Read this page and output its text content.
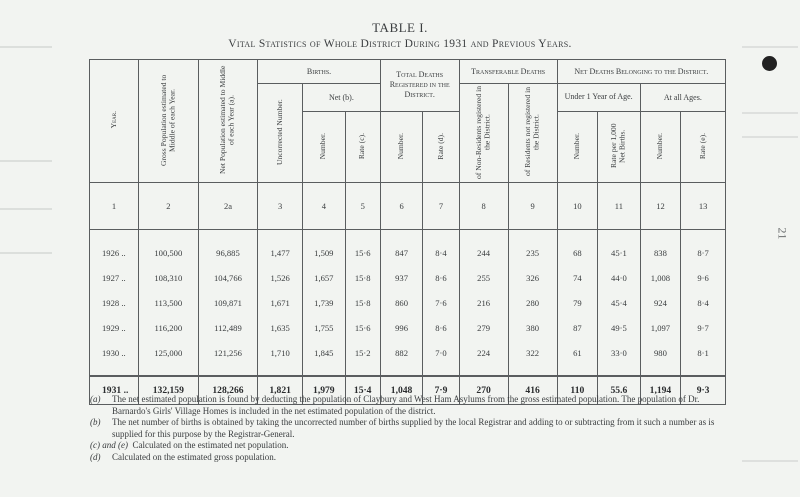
TABLE I.
Vital Statistics of Whole District During 1931 and Previous Years.
21
Year.	Gross Population estimated to Middle of each Year.	Net Population estimated to Middle of each Year (a).	Births.			Total Deaths Registered in the District.		Transferable Deaths		Net Deaths Belonging to the District.			
			Uncorrected Number.	Net (b).				of Non-Residents registered in the District.	of Residents not registered in the District.	Under 1 Year of Age.		At all Ages.	
				Number.	Rate (c).	Number.	Rate (d).			Number.	Rate per 1,000 Net Births.	Number.	Rate (e).
1	2	2a	3	4	5	6	7	8	9	10	11	12	13

1926 ..	100,500	96,885	1,477	1,509	15·6	847	8·4	244	235	68	45·1	838	8·7
1927 ..	108,310	104,766	1,526	1,657	15·8	937	8·6	255	326	74	44·0	1,008	9·6
1928 ..	113,500	109,871	1,671	1,739	15·8	860	7·6	216	280	79	45·4	924	8·4
1929 ..	116,200	112,489	1,635	1,755	15·6	996	8·6	279	380	87	49·5	1,097	9·7
1930 ..	125,000	121,256	1,710	1,845	15·2	882	7·0	224	322	61	33·0	980	8·1

1931 ..	132,159	128,266	1,821	1,979	15·4	1,048	7·9	270	416	110	55.6	1,194	9·3
(a) The net estimated population is found by deducting the population of Claybury and West Ham Asylums from the gross estimated population. The population of Dr. Barnardo's Girls' Village Homes is included in the net estimated population of the district.
(b) The net number of births is obtained by taking the uncorrected number of births supplied by the local Registrar and adding to or subtracting from it such a number as is supplied for this purpose by the Registrar-General.
(c) and (e) Calculated on the estimated net population.
(d) Calculated on the estimated gross population.
